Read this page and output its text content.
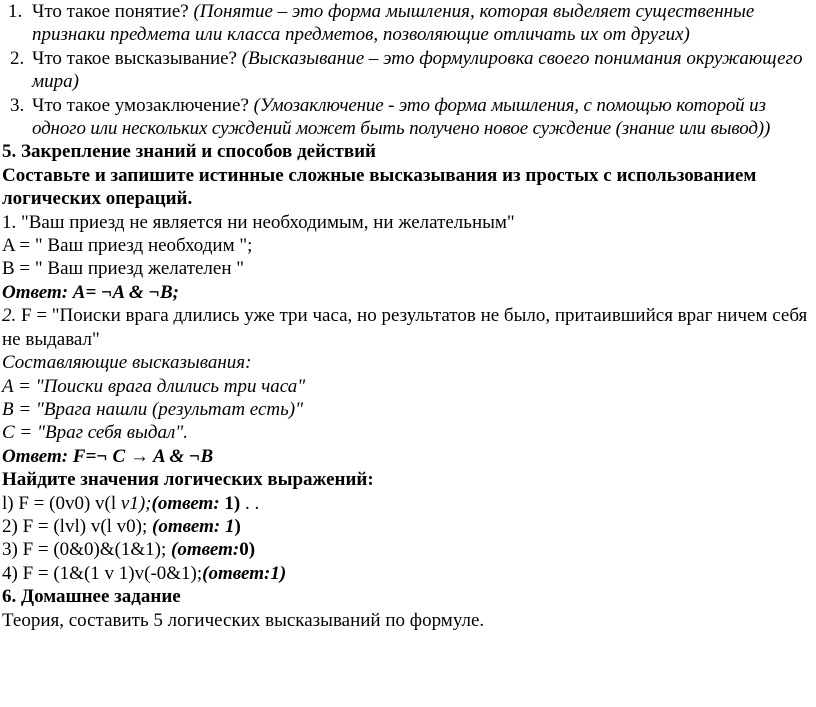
1. Что такое понятие? (Понятие – это форма мышления, которая выделяет существенные признаки предмета или класса предметов, позволяющие отличать их от других)
2. Что такое высказывание? (Высказывание – это формулировка своего понимания окружающего мира)
3. Что такое умозаключение? (Умозаключение - это форма мышления, с помощью которой из одного или нескольких суждений может быть получено новое суждение (знание или вывод))

5. Закрепление знаний и способов действий

Составьте и запишите истинные сложные высказывания из простых с использованием логических операций.

1. "Ваш приезд не является ни необходимым, ни желательным"

A = " Ваш приезд необходим ";

B = " Ваш приезд желателен "

Ответ: A= ¬A & ¬B;

2. F = "Поиски врага длились уже три часа, но результатов не было, притаившийся враг ничем себя не выдавал"

Составляющие высказывания:

A = "Поиски врага длились три часа"

B = "Врага нашли (результат есть)"

C = "Враг себя выдал".

Ответ: F=¬ C → A & ¬B

Найдите значения логических выражений:

l) F = (0v0) v(l v1);(ответ: 1) . .

2) F = (lvl) v(l v0); (ответ: 1)

3) F = (0&0)&(1&1); (ответ:0)

4) F = (1&(1 v 1)v(-0&1);(ответ:1)

6. Домашнее задание

Теория, составить 5 логических высказываний по формуле.
